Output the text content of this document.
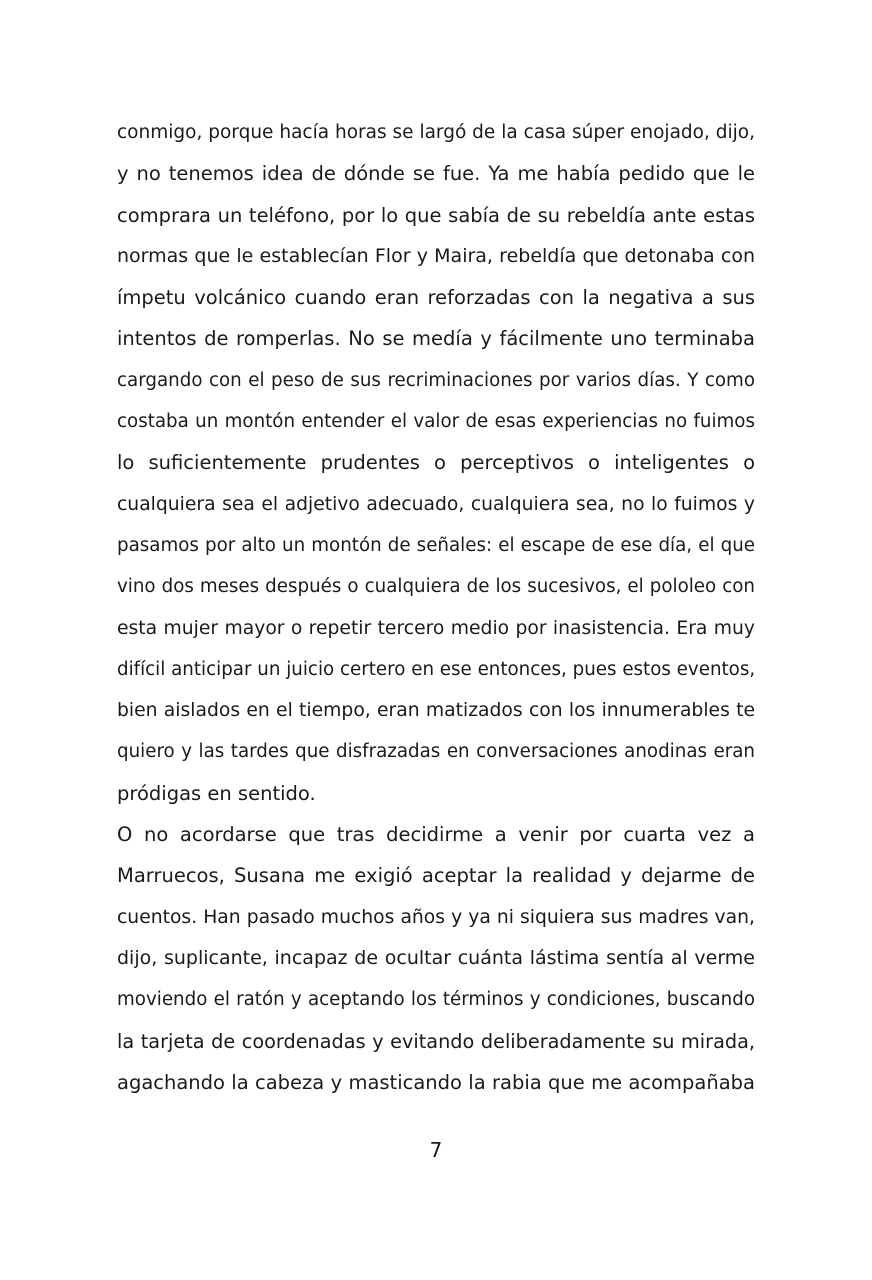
conmigo, porque hacía horas se largó de la casa súper enojado, dijo,
y no tenemos idea de dónde se fue. Ya me había pedido que le
comprara un teléfono, por lo que sabía de su rebeldía ante estas
normas que le establecían Flor y Maira, rebeldía que detonaba con
ímpetu volcánico cuando eran reforzadas con la negativa a sus
intentos de romperlas. No se medía y fácilmente uno terminaba
cargando con el peso de sus recriminaciones por varios días. Y como
costaba un montón entender el valor de esas experiencias no fuimos
lo suficientemente prudentes o perceptivos o inteligentes o
cualquiera sea el adjetivo adecuado, cualquiera sea, no lo fuimos y
pasamos por alto un montón de señales: el escape de ese día, el que
vino dos meses después o cualquiera de los sucesivos, el pololeo con
esta mujer mayor o repetir tercero medio por inasistencia. Era muy
difícil anticipar un juicio certero en ese entonces, pues estos eventos,
bien aislados en el tiempo, eran matizados con los innumerables te
quiero y las tardes que disfrazadas en conversaciones anodinas eran
pródigas en sentido.
O no acordarse que tras decidirme a venir por cuarta vez a
Marruecos, Susana me exigió aceptar la realidad y dejarme de
cuentos. Han pasado muchos años y ya ni siquiera sus madres van,
dijo, suplicante, incapaz de ocultar cuánta lástima sentía al verme
moviendo el ratón y aceptando los términos y condiciones, buscando
la tarjeta de coordenadas y evitando deliberadamente su mirada,
agachando la cabeza y masticando la rabia que me acompañaba
7
